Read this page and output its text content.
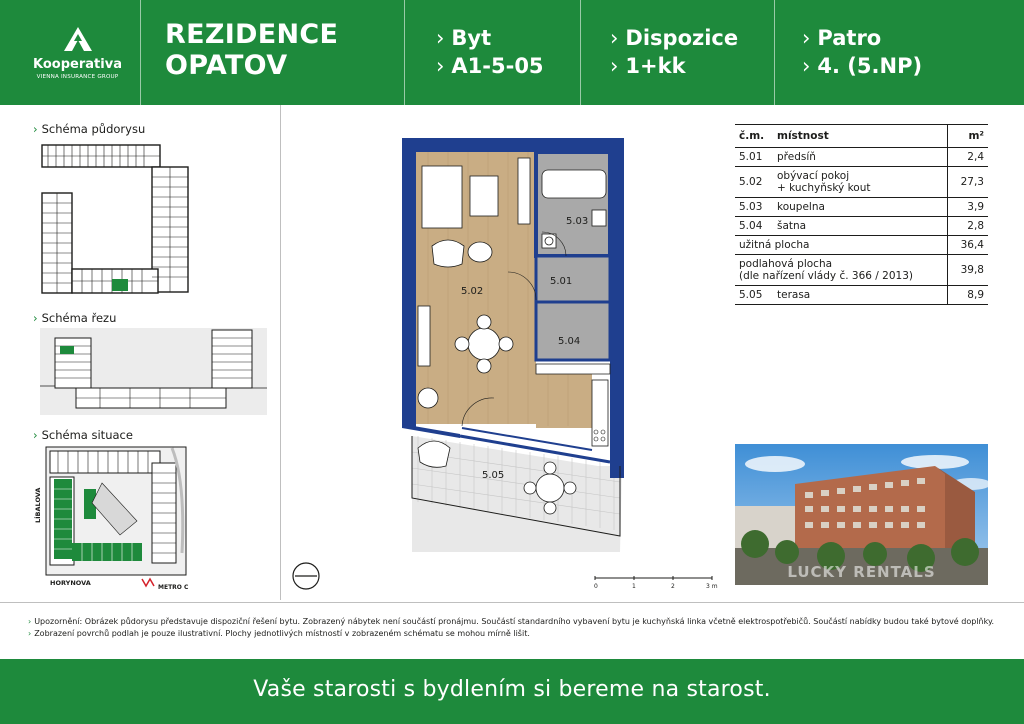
Kooperativa
VIENNA INSURANCE GROUP
REZIDENCE
OPATOV
› Byt
› A1-5-05
› Dispozice
› 1+kk
› Patro
› 4. (5.NP)
› Schéma půdorysu
› Schéma řezu
› Schéma situace
LÍBALOVA
HORYNOVA
METRO C
5.02
5.03
5.01
5.04
5.05
0	1	2	3 m
č.m.	místnost	m²
5.01	předsíň	2,4
5.02	obývací pokoj
+ kuchyňský kout	27,3
5.03	koupelna	3,9
5.04	šatna	2,8
užitná plocha		36,4

podlahová plocha
(dle nařízení vlády č. 366 / 2013)		39,8
5.05	terasa	8,9
LUCKY RENTALS
› Upozornění: Obrázek půdorysu představuje dispoziční řešení bytu. Zobrazený nábytek není součástí pronájmu. Součástí standardního vybavení bytu je kuchyňská linka včetně elektrospotřebičů. Součástí nabídky budou také bytové doplňky.
› Zobrazení povrchů podlah je pouze ilustrativní. Plochy jednotlivých místností v zobrazeném schématu se mohou mírně lišit.
Vaše starosti s bydlením si bereme na starost.
